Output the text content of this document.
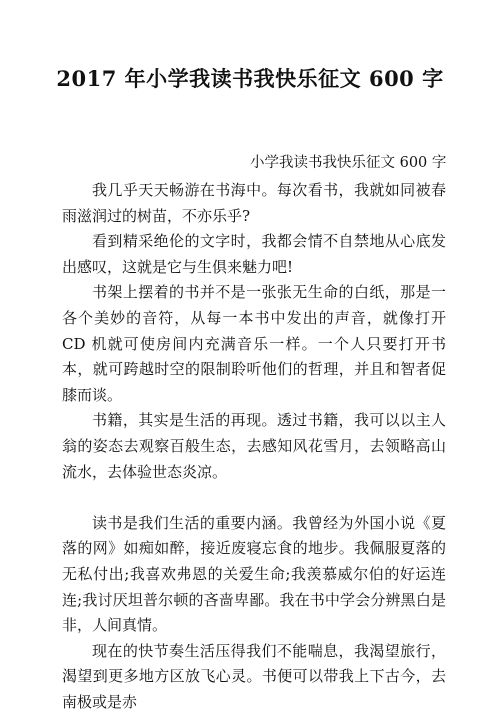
2017 年小学我读书我快乐征文 600 字
小学我读书我快乐征文 600 字

我几乎天天畅游在书海中。每次看书，我就如同被春雨滋润过的树苗，不亦乐乎?

看到精采绝伦的文字时，我都会情不自禁地从心底发出感叹，这就是它与生俱来魅力吧!

书架上摆着的书并不是一张张无生命的白纸，那是一各个美妙的音符，从每一本书中发出的声音，就像打开 CD 机就可使房间内充满音乐一样。一个人只要打开书本，就可跨越时空的限制聆听他们的哲理，并且和智者促膝而谈。

书籍，其实是生活的再现。透过书籍，我可以以主人翁的姿态去观察百般生态，去感知风花雪月，去领略高山流水，去体验世态炎凉。

读书是我们生活的重要内涵。我曾经为外国小说《夏落的网》如痴如醉，接近废寝忘食的地步。我佩服夏落的无私付出;我喜欢弗恩的关爱生命;我羡慕威尔伯的好运连连;我讨厌坦普尔顿的吝啬卑鄙。我在书中学会分辨黑白是非，人间真情。

现在的快节奏生活压得我们不能喘息，我渴望旅行，渴望到更多地方区放飞心灵。书便可以带我上下古今，去南极或是赤
